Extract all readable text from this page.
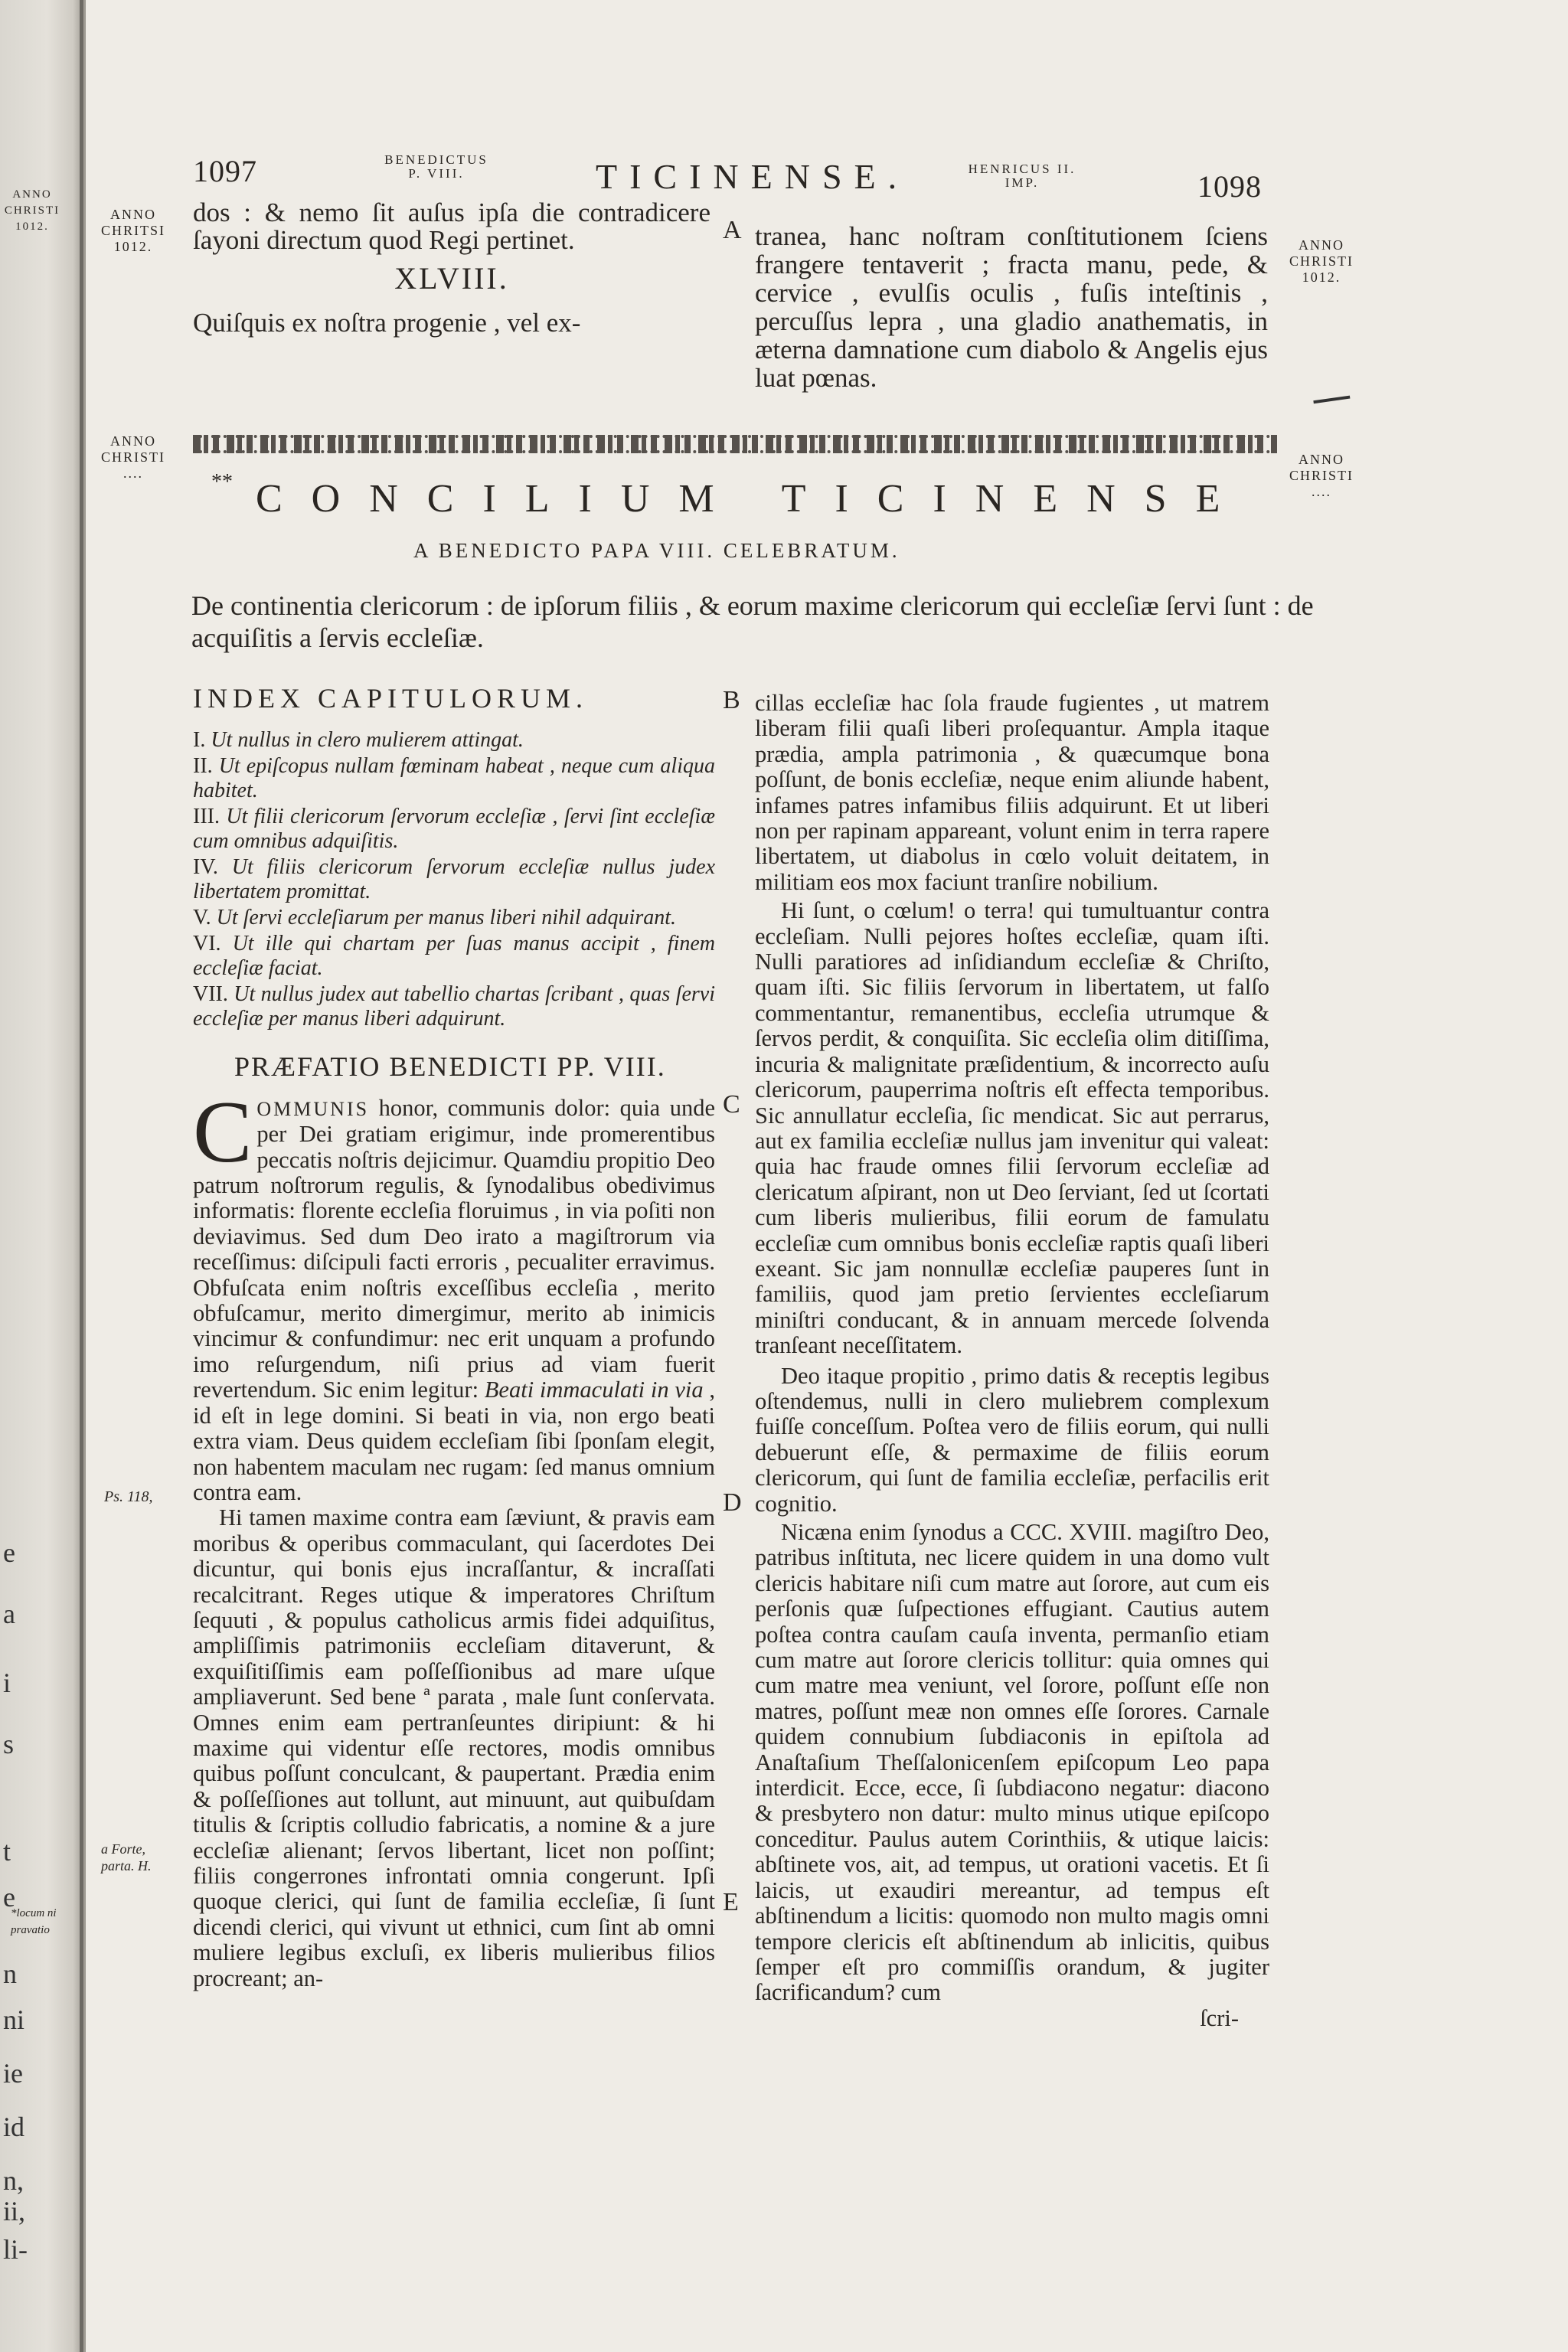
ANNO CHRISTI 1012.
e
a
i
s
t
e
n
ni
ie
id
n,
ii,
li-
*locum ni pravatio
1097	BENEDICTUS P. VIII.	TICINENSE.	HENRICUS II. IMP.	1098
ANNO CHRITSI 1012.	ANNO CHRISTI 1012.
ANNO CHRISTI ....
ANNO CHRISTI ....
Ps. 118,
a Forte, parta. H.
A
B
C
D
E

dos : & nemo ſit auſus ipſa die contradicere ſayoni directum quod Regi pertinet.

XLVIII.

Quiſquis ex noſtra progenie , vel ex-

tranea, hanc noſtram conſtitutionem ſciens frangere tentaverit ; fracta manu, pede, & cervice , evulſis oculis , fuſis inteſtinis , percuſſus lepra , una gladio anathematis, in æterna damnatione cum diabolo & Angelis ejus luat pœnas.

** CONCILIUM TICINENSE
A BENEDICTO PAPA VIII. CELEBRATUM.
De continentia clericorum : de ipſorum filiis , & eorum maxime clericorum qui eccleſiæ ſervi ſunt : de acquiſitis a ſervis eccleſiæ.
INDEX CAPITULORUM.

I. Ut nullus in clero mulierem attingat.

II. Ut epiſcopus nullam fœminam habeat , neque cum aliqua habitet.

III. Ut filii clericorum ſervorum eccleſiæ , ſervi ſint eccleſiæ cum omnibus adquiſitis.

IV. Ut filiis clericorum ſervorum eccleſiæ nullus judex libertatem promittat.

V. Ut ſervi eccleſiarum per manus liberi nihil adquirant.

VI. Ut ille qui chartam per ſuas manus accipit , finem eccleſiæ faciat.

VII. Ut nullus judex aut tabellio chartas ſcribant , quas ſervi eccleſiæ per manus liberi adquirunt.

PRÆFATIO BENEDICTI PP. VIII.

C OMMUNIS honor, communis dolor: quia unde per Dei gratiam erigimur, inde promerentibus peccatis noſtris dejicimur. Quamdiu propitio Deo patrum noſtrorum regulis, & ſynodalibus obedivimus informatis: florente eccleſia floruimus , in via poſiti non deviavimus. Sed dum Deo irato a magiſtrorum via receſſimus: diſcipuli facti erroris , pecualiter erravimus. Obfuſcata enim noſtris exceſſibus eccleſia , merito obfuſcamur, merito dimergimur, merito ab inimicis vincimur & confundimur: nec erit unquam a profundo imo reſurgendum, niſi prius ad viam fuerit revertendum. Sic enim legitur: Beati immaculati in via , id eſt in lege domini. Si beati in via, non ergo beati extra viam. Deus quidem eccleſiam ſibi ſponſam elegit, non habentem maculam nec rugam: ſed manus omnium contra eam.

Hi tamen maxime contra eam ſæviunt, & pravis eam moribus & operibus commaculant, qui ſacerdotes Dei dicuntur, qui bonis ejus incraſſantur, & incraſſati recalcitrant. Reges utique & imperatores Chriſtum ſequuti , & populus catholicus armis fidei adquiſitus, ampliſſimis patrimoniis eccleſiam ditaverunt, & exquiſitiſſimis eam poſſeſſionibus ad mare uſque ampliaverunt. Sed bene ª parata , male ſunt conſervata. Omnes enim eam pertranſeuntes diripiunt: & hi maxime qui videntur eſſe rectores, modis omnibus quibus poſſunt conculcant, & paupertant. Prædia enim & poſſeſſiones aut tollunt, aut minuunt, aut quibuſdam titulis & ſcriptis colludio fabricatis, a nomine & a jure eccleſiæ alienant; ſervos libertant, licet non poſſint; filiis congerrones infrontati omnia congerunt. Ipſi quoque clerici, qui ſunt de familia eccleſiæ, ſi ſunt dicendi clerici, qui vivunt ut ethnici, cum ſint ab omni muliere legibus excluſi, ex liberis mulieribus filios procreant; an-

cillas eccleſiæ hac ſola fraude fugientes , ut matrem liberam filii quaſi liberi proſequantur. Ampla itaque prædia, ampla patrimonia , & quæcumque bona poſſunt, de bonis eccleſiæ, neque enim aliunde habent, infames patres infamibus filiis adquirunt. Et ut liberi non per rapinam appareant, volunt enim in terra rapere libertatem, ut diabolus in cœlo voluit deitatem, in militiam eos mox faciunt tranſire nobilium.

Hi ſunt, o cœlum! o terra! qui tumultuantur contra eccleſiam. Nulli pejores hoſtes eccleſiæ, quam iſti. Nulli paratiores ad inſidiandum eccleſiæ & Chriſto, quam iſti. Sic filiis ſervorum in libertatem, ut falſo commentantur, remanentibus, eccleſia utrumque & ſervos perdit, & conquiſita. Sic eccleſia olim ditiſſima, incuria & malignitate præſidentium, & incorrecto auſu clericorum, pauperrima noſtris eſt effecta temporibus. Sic annullatur eccleſia, ſic mendicat. Sic aut perrarus, aut ex familia eccleſiæ nullus jam invenitur qui valeat: quia hac fraude omnes filii ſervorum eccleſiæ ad clericatum aſpirant, non ut Deo ſerviant, ſed ut ſcortati cum liberis mulieribus, filii eorum de famulatu eccleſiæ cum omnibus bonis eccleſiæ raptis quaſi liberi exeant. Sic jam nonnullæ eccleſiæ pauperes ſunt in familiis, quod jam pretio ſervientes eccleſiarum miniſtri conducant, & in annuam mercede ſolvenda tranſeant neceſſitatem.

Deo itaque propitio , primo datis & receptis legibus oſtendemus, nulli in clero muliebrem complexum fuiſſe conceſſum. Poſtea vero de filiis eorum, qui nulli debuerunt eſſe, & permaxime de filiis eorum clericorum, qui ſunt de familia eccleſiæ, perfacilis erit cognitio.

Nicæna enim ſynodus a CCC. XVIII. magiſtro Deo, patribus inſtituta, nec licere quidem in una domo vult clericis habitare niſi cum matre aut ſorore, aut cum eis perſonis quæ ſuſpectiones effugiant. Cautius autem poſtea contra cauſam cauſa inventa, permanſio etiam cum matre aut ſorore clericis tollitur: quia omnes qui cum matre mea veniunt, vel ſorore, poſſunt eſſe non matres, poſſunt meæ non omnes eſſe ſorores. Carnale quidem connubium ſubdiaconis in epiſtola ad Anaſtaſium Theſſalonicenſem epiſcopum Leo papa interdicit. Ecce, ecce, ſi ſubdiacono negatur: diacono & presbytero non datur: multo minus utique epiſcopo conceditur. Paulus autem Corinthiis, & utique laicis: abſtinete vos, ait, ad tempus, ut orationi vacetis. Et ſi laicis, ut exaudiri mereantur, ad tempus eſt abſtinendum a licitis: quomodo non multo magis omni tempore clericis eſt abſtinendum ab inlicitis, quibus ſemper eſt pro commiſſis orandum, & jugiter ſacrificandum? cum

ſcri-
